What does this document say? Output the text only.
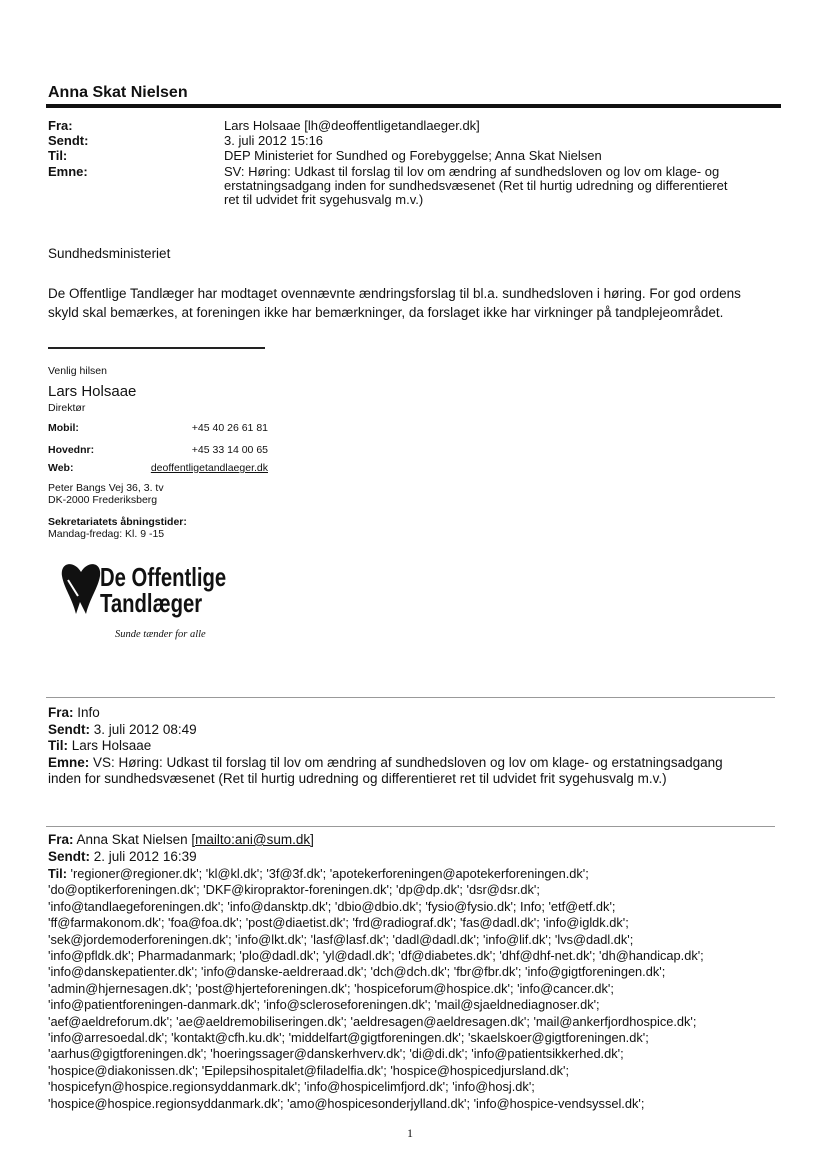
Anna Skat Nielsen
Fra:	Lars Holsaae [lh@deoffentligetandlaeger.dk]
Sendt:	3. juli 2012 15:16
Til:	DEP Ministeriet for Sundhed og Forebyggelse; Anna Skat Nielsen
Emne:	SV: Høring: Udkast til forslag til lov om ændring af sundhedsloven og lov om klage- og
erstatningsadgang inden for sundhedsvæsenet (Ret til hurtig udredning og differentieret
ret til udvidet frit sygehusvalg m.v.)
Sundhedsministeriet
De Offentlige Tandlæger har modtaget ovennævnte ændringsforslag til bl.a. sundhedsloven i høring. For god ordens
skyld skal bemærkes, at foreningen ikke har bemærkninger, da forslaget ikke har virkninger på tandplejeområdet.
Venlig hilsen
Lars Holsaae
Direktør
Mobil:	+45 40 26 61 81
Hovednr:	+45 33 14 00 65
Web:	deoffentligetandlaeger.dk
Peter Bangs Vej 36, 3. tv
DK-2000 Frederiksberg
Sekretariatets åbningstider:
Mandag-fredag: Kl. 9 -15
De Offentlige
Tandlæger
Sunde tænder for alle
Fra: Info
Sendt: 3. juli 2012 08:49
Til: Lars Holsaae
Emne: VS: Høring: Udkast til forslag til lov om ændring af sundhedsloven og lov om klage- og erstatningsadgang
inden for sundhedsvæsenet (Ret til hurtig udredning og differentieret ret til udvidet frit sygehusvalg m.v.)
Fra: Anna Skat Nielsen [mailto:ani@sum.dk]
Sendt: 2. juli 2012 16:39
Til: 'regioner@regioner.dk'; 'kl@kl.dk'; '3f@3f.dk'; 'apotekerforeningen@apotekerforeningen.dk';
'do@optikerforeningen.dk'; 'DKF@kiropraktor-foreningen.dk'; 'dp@dp.dk'; 'dsr@dsr.dk';
'info@tandlaegeforeningen.dk'; 'info@dansktp.dk'; 'dbio@dbio.dk'; 'fysio@fysio.dk'; Info; 'etf@etf.dk';
'ff@farmakonom.dk'; 'foa@foa.dk'; 'post@diaetist.dk'; 'frd@radiograf.dk'; 'fas@dadl.dk'; 'info@igldk.dk';
'sek@jordemoderforeningen.dk'; 'info@lkt.dk'; 'lasf@lasf.dk'; 'dadl@dadl.dk'; 'info@lif.dk'; 'lvs@dadl.dk';
'info@pfldk.dk'; Pharmadanmark; 'plo@dadl.dk'; 'yl@dadl.dk'; 'df@diabetes.dk'; 'dhf@dhf-net.dk'; 'dh@handicap.dk';
'info@danskepatienter.dk'; 'info@danske-aeldreraad.dk'; 'dch@dch.dk'; 'fbr@fbr.dk'; 'info@gigtforeningen.dk';
'admin@hjernesagen.dk'; 'post@hjerteforeningen.dk'; 'hospiceforum@hospice.dk'; 'info@cancer.dk';
'info@patientforeningen-danmark.dk'; 'info@scleroseforeningen.dk'; 'mail@sjaeldnediagnoser.dk';
'aef@aeldreforum.dk'; 'ae@aeldremobiliseringen.dk'; 'aeldresagen@aeldresagen.dk'; 'mail@ankerfjordhospice.dk';
'info@arresoedal.dk'; 'kontakt@cfh.ku.dk'; 'middelfart@gigtforeningen.dk'; 'skaelskoer@gigtforeningen.dk';
'aarhus@gigtforeningen.dk'; 'hoeringssager@danskerhverv.dk'; 'di@di.dk'; 'info@patientsikkerhed.dk';
'hospice@diakonissen.dk'; 'Epilepsihospitalet@filadelfia.dk'; 'hospice@hospicedjursland.dk';
'hospicefyn@hospice.regionsyddanmark.dk'; 'info@hospicelimfjord.dk'; 'info@hosj.dk';
'hospice@hospice.regionsyddanmark.dk'; 'amo@hospicesonderjylland.dk'; 'info@hospice-vendsyssel.dk';
1
